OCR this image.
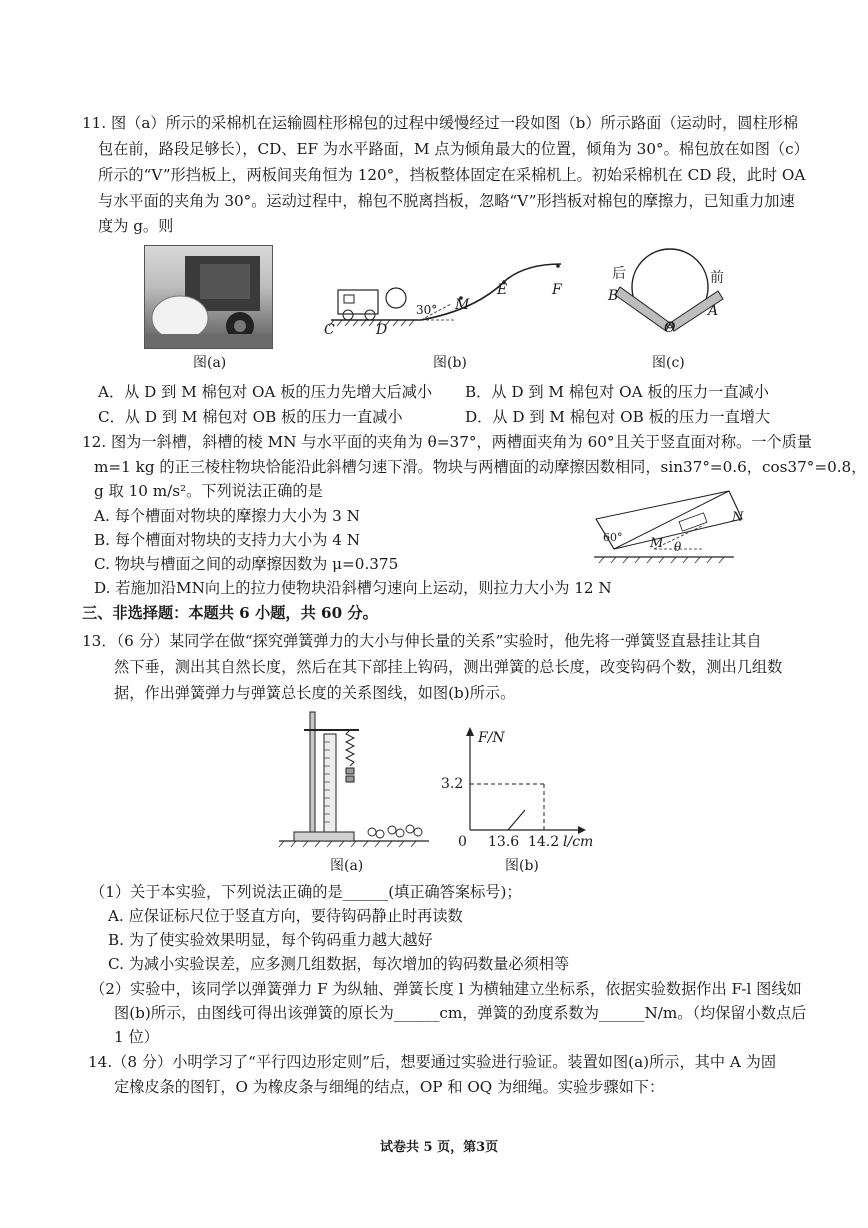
11. 图（a）所示的采棉机在运输圆柱形棉包的过程中缓慢经过一段如图（b）所示路面（运动时，圆柱形棉
包在前，路段足够长），CD、EF 为水平路面，M 点为倾角最大的位置，倾角为 30°。棉包放在如图（c）
所示的“V”形挡板上，两板间夹角恒为 120°，挡板整体固定在采棉机上。初始采棉机在 CD 段，此时 OA
与水平面的夹角为 30°。运动过程中，棉包不脱离挡板，忽略“V”形挡板对棉包的摩擦力，已知重力加速
度为 g。则
图(a)
C	D
30° M
E	F
图(b)
后	前
B
A
O
图(c)
A．从 D 到 M 棉包对 OA 板的压力先增大后减小 B．从 D 到 M 棉包对 OA 板的压力一直减小
C．从 D 到 M 棉包对 OB 板的压力一直减小	D．从 D 到 M 棉包对 OB 板的压力一直增大
12. 图为一斜槽，斜槽的棱 MN 与水平面的夹角为 θ=37°，两槽面夹角为 60°且关于竖直面对称。一个质量
m=1 kg 的正三棱柱物块恰能沿此斜槽匀速下滑。物块与两槽面的动摩擦因数相同，sin37°=0.6，cos37°=0.8，
g 取 10 m/s²。下列说法正确的是
A. 每个槽面对物块的摩擦力大小为 3 N
B. 每个槽面对物块的支持力大小为 4 N
C. 物块与槽面之间的动摩擦因数为 μ=0.375
D. 若施加沿MN向上的拉力使物块沿斜槽匀速向上运动，则拉力大小为 12 N
60° M
N
θ
三、非选择题：本题共 6 小题，共 60 分。
13．（6 分）某同学在做“探究弹簧弹力的大小与伸长量的关系”实验时，他先将一弹簧竖直悬挂让其自
然下垂，测出其自然长度，然后在其下部挂上钩码，测出弹簧的总长度，改变钩码个数，测出几组数
据，作出弹簧弹力与弹簧总长度的关系图线，如图(b)所示。
图(a)
F/N
3.2
0 13.6 14.2 l/cm
图(b)
（1）关于本实验，下列说法正确的是______(填正确答案标号)；
A. 应保证标尺位于竖直方向，要待钩码静止时再读数
B. 为了使实验效果明显，每个钩码重力越大越好
C. 为减小实验误差，应多测几组数据，每次增加的钩码数量必须相等
（2）实验中，该同学以弹簧弹力 F 为纵轴、弹簧长度 l 为横轴建立坐标系，依据实验数据作出 F-l 图线如
图(b)所示，由图线可得出该弹簧的原长为______cm，弹簧的劲度系数为______N/m。（均保留小数点后
1 位）
14.（8 分）小明学习了“平行四边形定则”后，想要通过实验进行验证。装置如图(a)所示，其中 A 为固
定橡皮条的图钉，O 为橡皮条与细绳的结点，OP 和 OQ 为细绳。实验步骤如下：
试卷共 5 页，第3页
